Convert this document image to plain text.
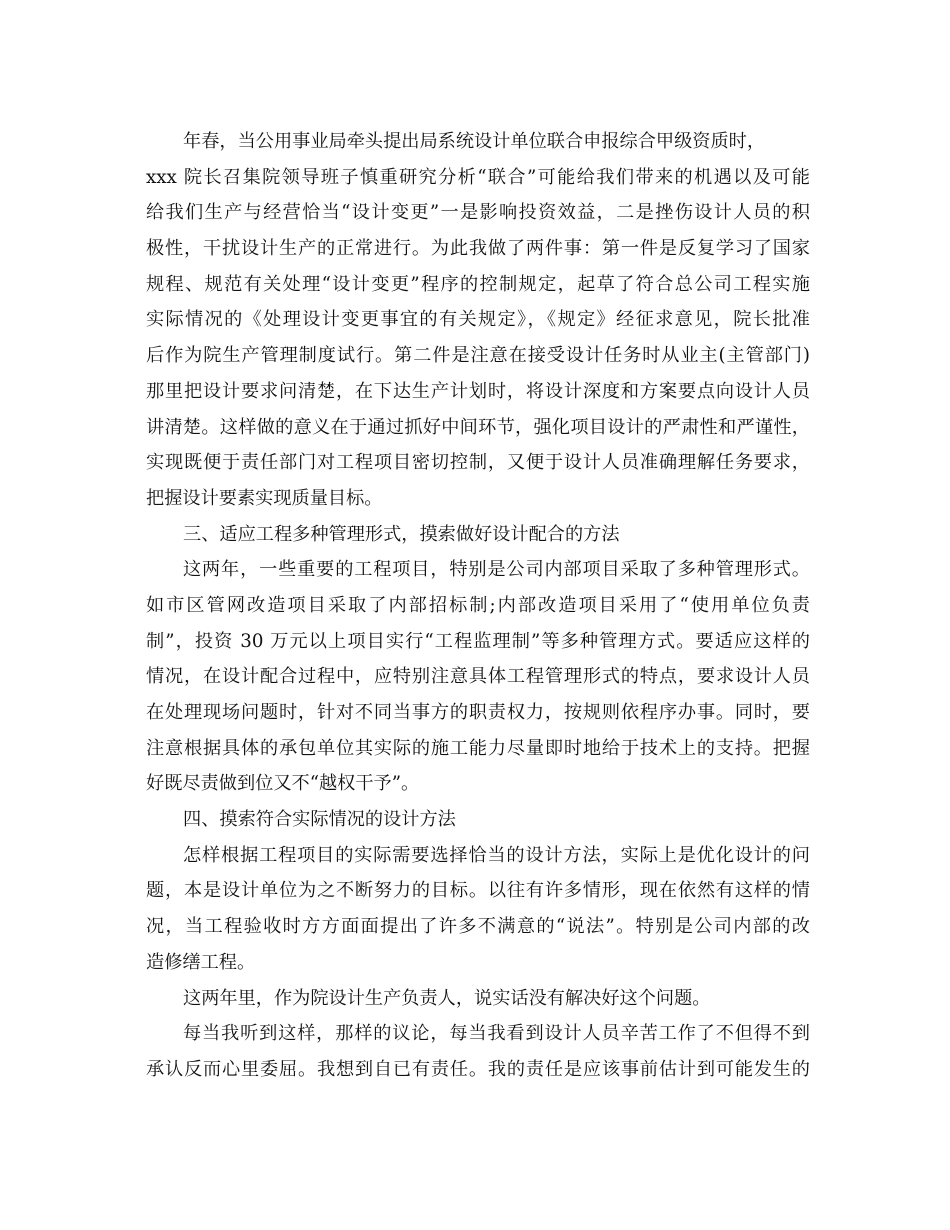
年春，当公用事业局牵头提出局系统设计单位联合申报综合甲级资质时，
xxx 院长召集院领导班子慎重研究分析“联合”可能给我们带来的机遇以及可能
给我们生产与经营恰当“设计变更”一是影响投资效益，二是挫伤设计人员的积
极性，干扰设计生产的正常进行。为此我做了两件事：第一件是反复学习了国家
规程、规范有关处理“设计变更”程序的控制规定，起草了符合总公司工程实施
实际情况的《处理设计变更事宜的有关规定》，《规定》经征求意见，院长批准
后作为院生产管理制度试行。第二件是注意在接受设计任务时从业主(主管部门)
那里把设计要求问清楚，在下达生产计划时，将设计深度和方案要点向设计人员
讲清楚。这样做的意义在于通过抓好中间环节，强化项目设计的严肃性和严谨性，
实现既便于责任部门对工程项目密切控制，又便于设计人员准确理解任务要求，
把握设计要素实现质量目标。
三、适应工程多种管理形式，摸索做好设计配合的方法
这两年，一些重要的工程项目，特别是公司内部项目采取了多种管理形式。
如市区管网改造项目采取了内部招标制;内部改造项目采用了“使用单位负责
制”，投资 30 万元以上项目实行“工程监理制”等多种管理方式。要适应这样的
情况，在设计配合过程中，应特别注意具体工程管理形式的特点，要求设计人员
在处理现场问题时，针对不同当事方的职责权力，按规则依程序办事。同时，要
注意根据具体的承包单位其实际的施工能力尽量即时地给于技术上的支持。把握
好既尽责做到位又不“越权干予”。
四、摸索符合实际情况的设计方法
怎样根据工程项目的实际需要选择恰当的设计方法，实际上是优化设计的问
题，本是设计单位为之不断努力的目标。以往有许多情形，现在依然有这样的情
况，当工程验收时方方面面提出了许多不满意的“说法”。特别是公司内部的改
造修缮工程。
这两年里，作为院设计生产负责人，说实话没有解决好这个问题。
每当我听到这样，那样的议论，每当我看到设计人员辛苦工作了不但得不到
承认反而心里委屈。我想到自已有责任。我的责任是应该事前估计到可能发生的
